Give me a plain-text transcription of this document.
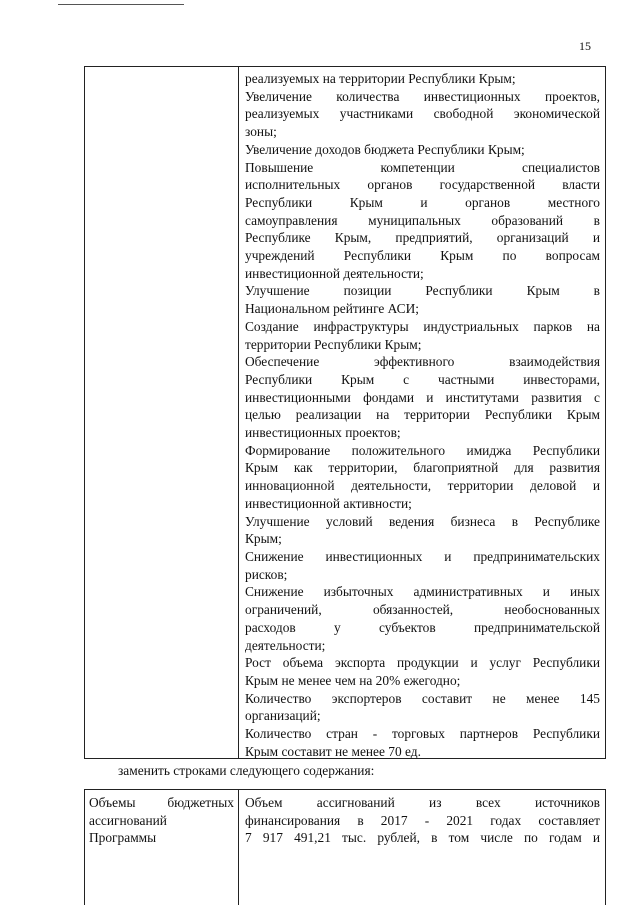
15
реализуемых на территории Республики Крым;
Увеличение количества инвестиционных проектов,
реализуемых участниками свободной экономической
зоны;
Увеличение доходов бюджета Республики Крым;
Повышение компетенции специалистов
исполнительных органов государственной власти
Республики Крым и органов местного
самоуправления муниципальных образований в
Республике Крым, предприятий, организаций и
учреждений Республики Крым по вопросам
инвестиционной деятельности;
Улучшение позиции Республики Крым в
Национальном рейтинге АСИ;
Создание инфраструктуры индустриальных парков на
территории Республики Крым;
Обеспечение эффективного взаимодействия
Республики Крым с частными инвесторами,
инвестиционными фондами и институтами развития с
целью реализации на территории Республики Крым
инвестиционных проектов;
Формирование положительного имиджа Республики
Крым как территории, благоприятной для развития
инновационной деятельности, территории деловой и
инвестиционной активности;
Улучшение условий ведения бизнеса в Республике
Крым;
Снижение инвестиционных и предпринимательских
рисков;
Снижение избыточных административных и иных
ограничений, обязанностей, необоснованных
расходов у субъектов предпринимательской
деятельности;
Рост объема экспорта продукции и услуг Республики
Крым не менее чем на 20% ежегодно;
Количество экспортеров составит не менее 145
организаций;
Количество стран - торговых партнеров Республики
Крым составит не менее 70 ед.
заменить строками следующего содержания:
Объемы бюджетных
ассигнований
Программы
Объем ассигнований из всех источников
финансирования в 2017 - 2021 годах составляет
7 917 491,21 тыс. рублей, в том числе по годам и
